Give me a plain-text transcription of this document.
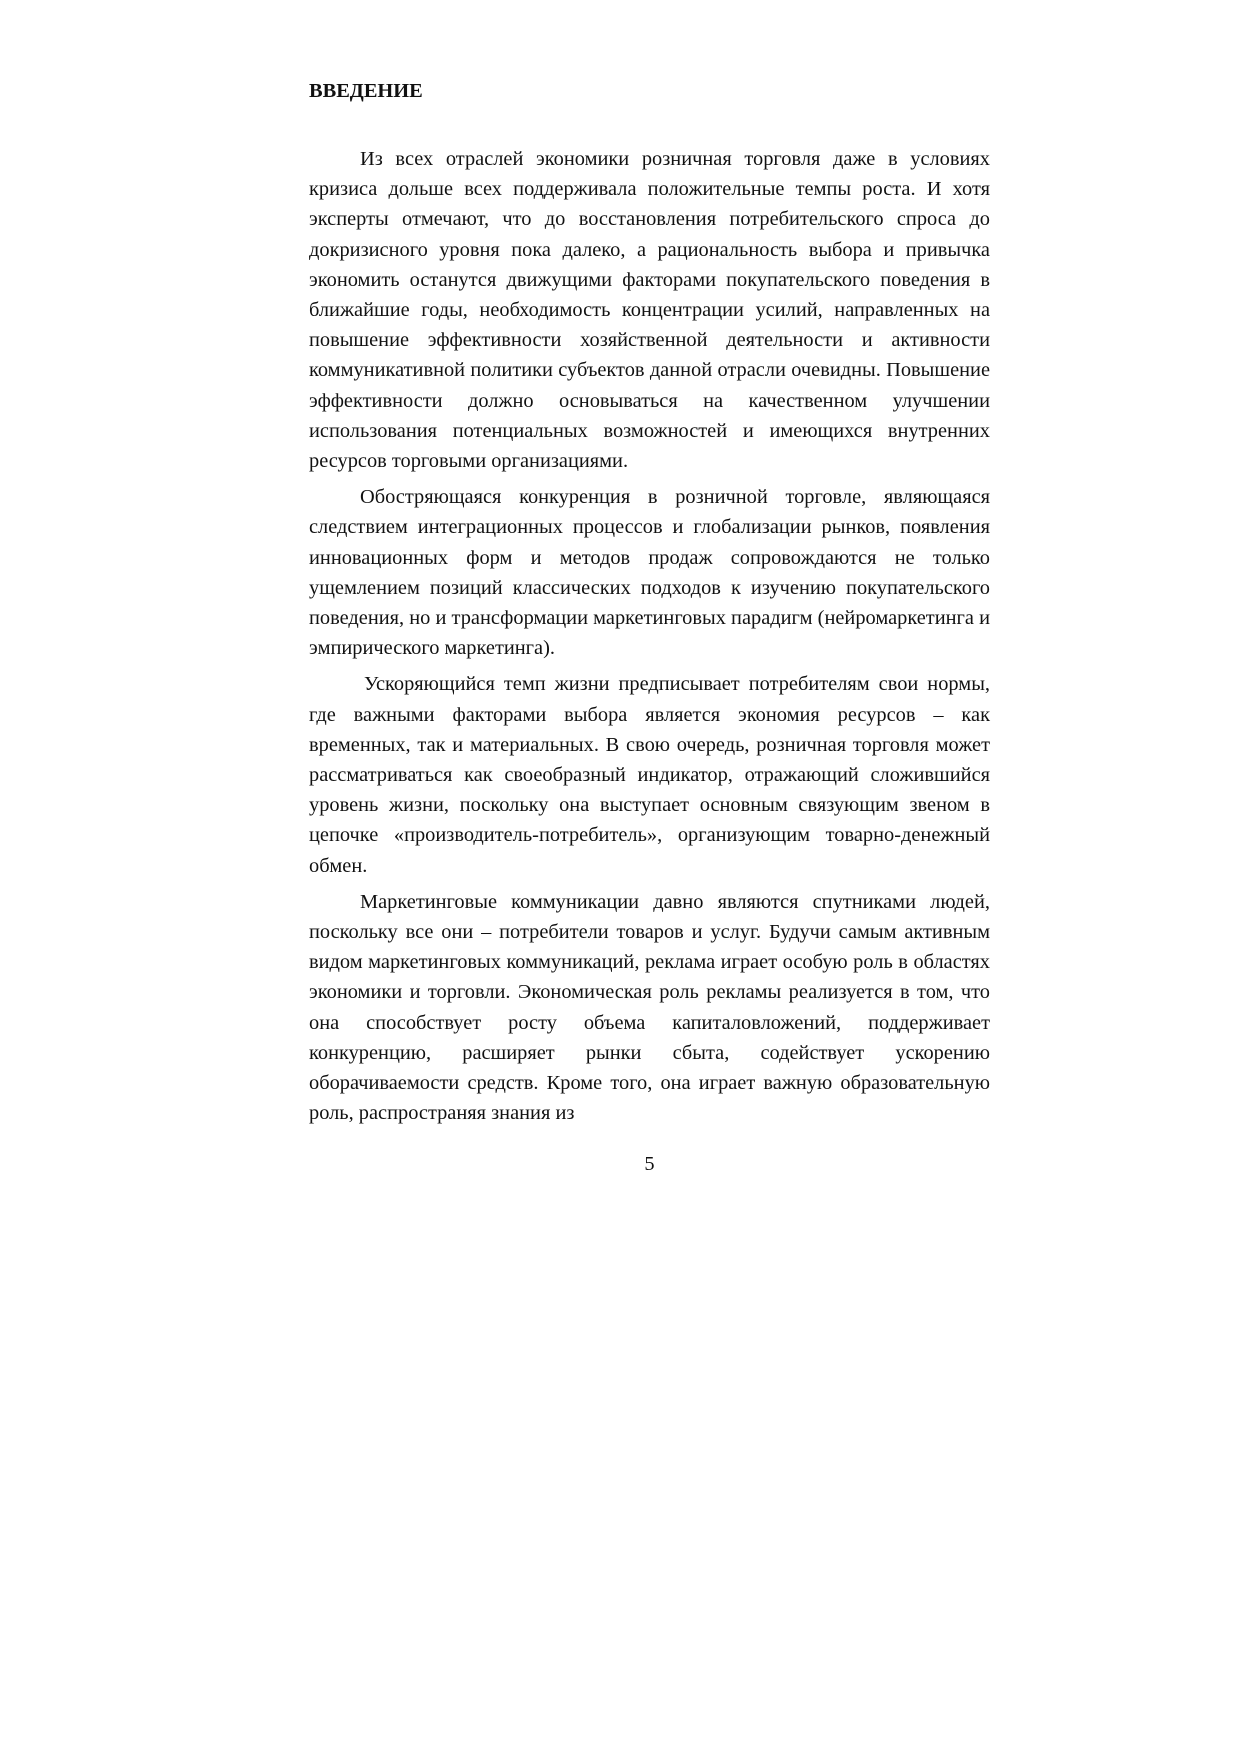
ВВЕДЕНИЕ

Из всех отраслей экономики розничная торговля даже в условиях кризиса дольше всех поддерживала положительные темпы роста. И хотя эксперты отмечают, что до восстановления потребительского спроса до докризисного уровня пока далеко, а рациональность выбора и привычка экономить останутся движущими факторами покупательского поведения в ближайшие годы, необходимость концентрации усилий, направленных на повышение эффективности хозяйственной деятельности и активности коммуникативной политики субъектов данной отрасли очевидны. Повышение эффективности должно основываться на качественном улучшении использования потенциальных возможностей и имеющихся внутренних ресурсов торговыми организациями.

Обостряющаяся конкуренция в розничной торговле, являющаяся следствием интеграционных процессов и глобализации рынков, появления инновационных форм и методов продаж сопровождаются не только ущемлением позиций классических подходов к изучению покупательского поведения, но и трансформации маркетинговых парадигм (нейромаркетинга и эмпирического маркетинга).

Ускоряющийся темп жизни предписывает потребителям свои нормы, где важными факторами выбора является экономия ресурсов – как временных, так и материальных. В свою очередь, розничная торговля может рассматриваться как своеобразный индикатор, отражающий сложившийся уровень жизни, поскольку она выступает основным связующим звеном в цепочке «производитель-потребитель», организующим товарно-денежный обмен.

Маркетинговые коммуникации давно являются спутниками людей, поскольку все они – потребители товаров и услуг. Будучи самым активным видом маркетинговых коммуникаций, реклама играет особую роль в областях экономики и торговли. Экономическая роль рекламы реализуется в том, что она способствует росту объема капиталовложений, поддерживает конкуренцию, расширяет рынки сбыта, содействует ускорению оборачиваемости средств. Кроме того, она играет важную образовательную роль, распространяя знания из

5
